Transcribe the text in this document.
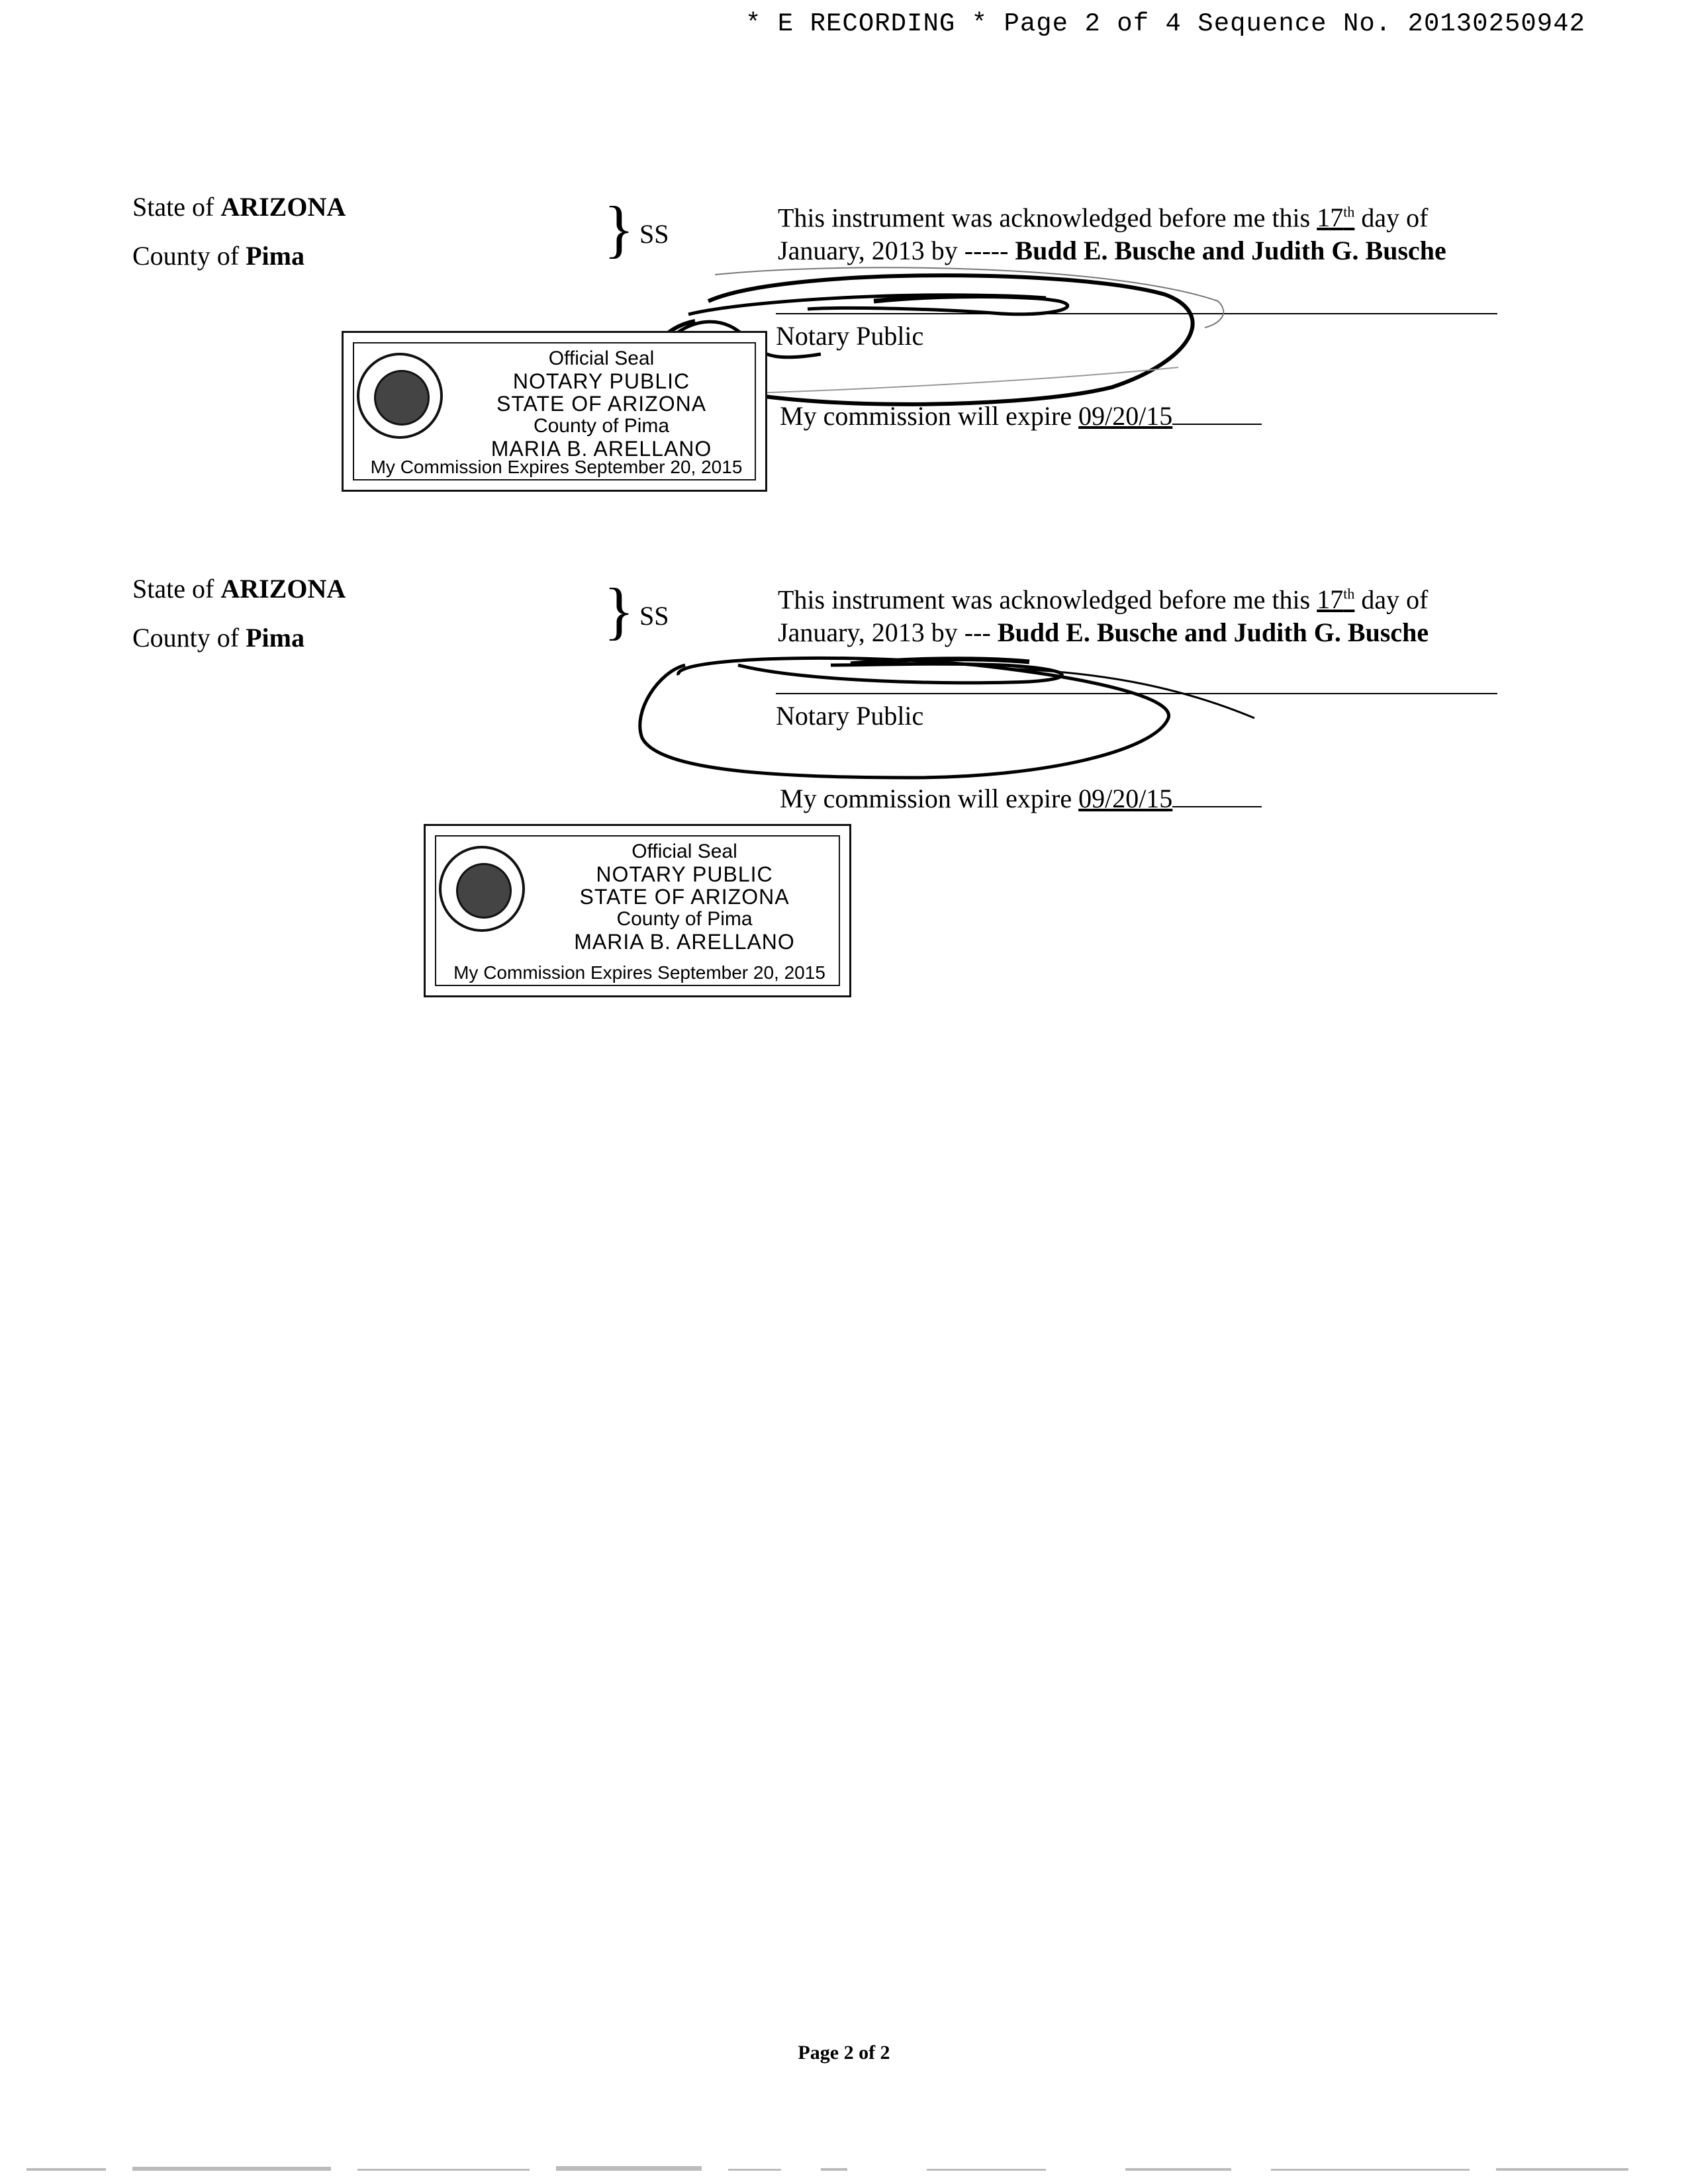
* E RECORDING * Page 2 of 4 Sequence No. 20130250942
State of ARIZONA
County of Pima	} SS
This instrument was acknowledged before me this 17th day of
January, 2013 by ----- Budd E. Busche and Judith G. Busche
Notary Public
My commission will expire 09/20/15
Official Seal
NOTARY PUBLIC
STATE OF ARIZONA
County of Pima
MARIA B. ARELLANO
My Commission Expires September 20, 2015
State of ARIZONA
County of Pima	} SS
This instrument was acknowledged before me this 17th day of
January, 2013 by --- Budd E. Busche and Judith G. Busche
Notary Public
My commission will expire 09/20/15
Official Seal
NOTARY PUBLIC
STATE OF ARIZONA
County of Pima
MARIA B. ARELLANO
My Commission Expires September 20, 2015
Page 2 of 2
